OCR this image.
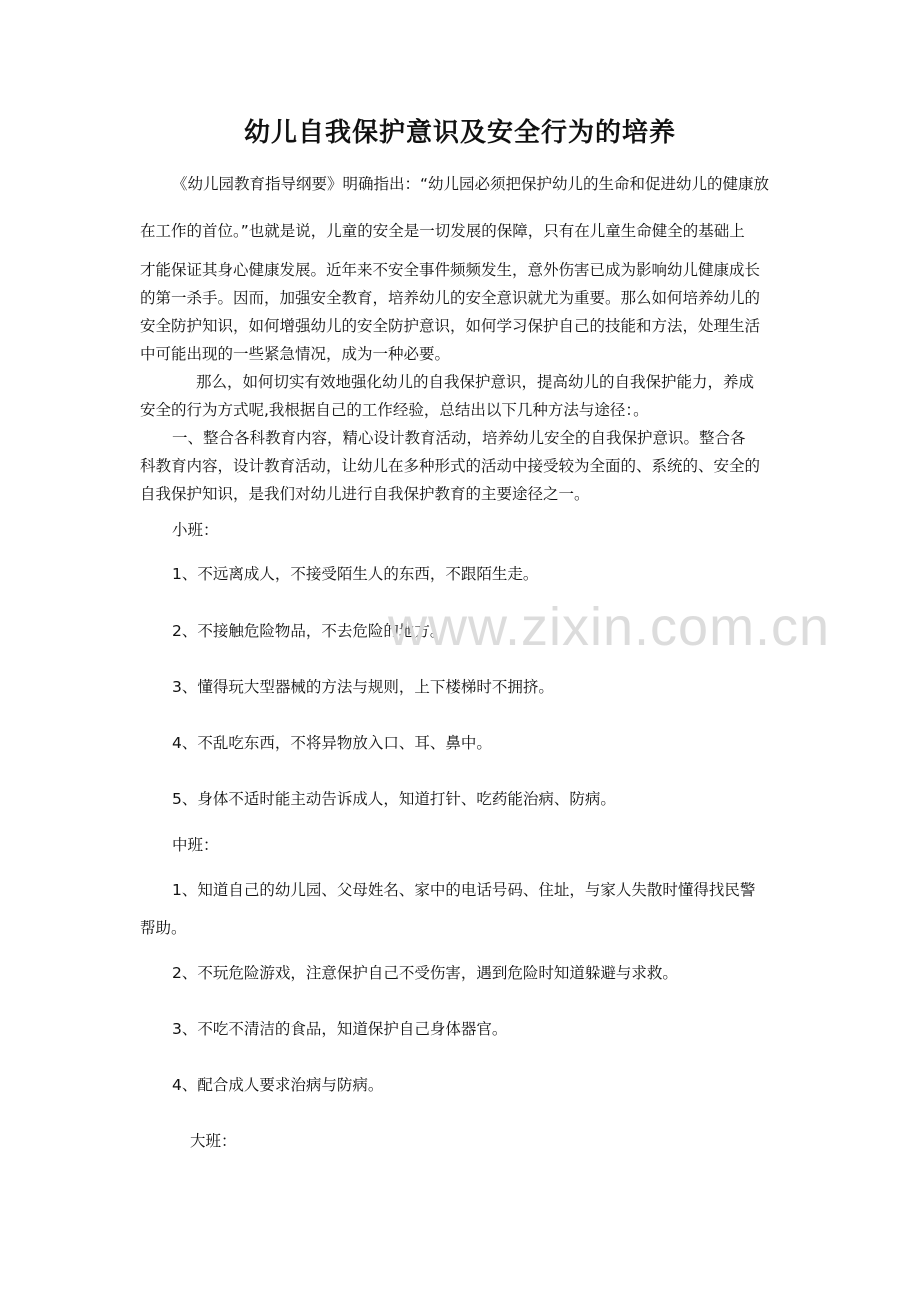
幼儿自我保护意识及安全行为的培养
《幼儿园教育指导纲要》明确指出：“幼儿园必须把保护幼儿的生命和促进幼儿的健康放
在工作的首位。”也就是说，儿童的安全是一切发展的保障，只有在儿童生命健全的基础上
才能保证其身心健康发展。近年来不安全事件频频发生，意外伤害已成为影响幼儿健康成长
的第一杀手。因而，加强安全教育，培养幼儿的安全意识就尤为重要。那么如何培养幼儿的
安全防护知识，如何增强幼儿的安全防护意识，如何学习保护自己的技能和方法，处理生活
中可能出现的一些紧急情况，成为一种必要。
那么，如何切实有效地强化幼儿的自我保护意识，提高幼儿的自我保护能力，养成
安全的行为方式呢,我根据自己的工作经验，总结出以下几种方法与途径：。
一、整合各科教育内容，精心设计教育活动，培养幼儿安全的自我保护意识。整合各
科教育内容，设计教育活动，让幼儿在多种形式的活动中接受较为全面的、系统的、安全的
自我保护知识，是我们对幼儿进行自我保护教育的主要途径之一。
小班：
1、不远离成人，不接受陌生人的东西，不跟陌生走。
2、不接触危险物品，不去危险的地方。
3、懂得玩大型器械的方法与规则，上下楼梯时不拥挤。
4、不乱吃东西，不将异物放入口、耳、鼻中。
5、身体不适时能主动告诉成人，知道打针、吃药能治病、防病。
中班：
1、知道自己的幼儿园、父母姓名、家中的电话号码、住址，与家人失散时懂得找民警
帮助。
2、不玩危险游戏，注意保护自己不受伤害，遇到危险时知道躲避与求救。
3、不吃不清洁的食品，知道保护自己身体器官。
4、配合成人要求治病与防病。
大班：
www.zixin.com.cn
